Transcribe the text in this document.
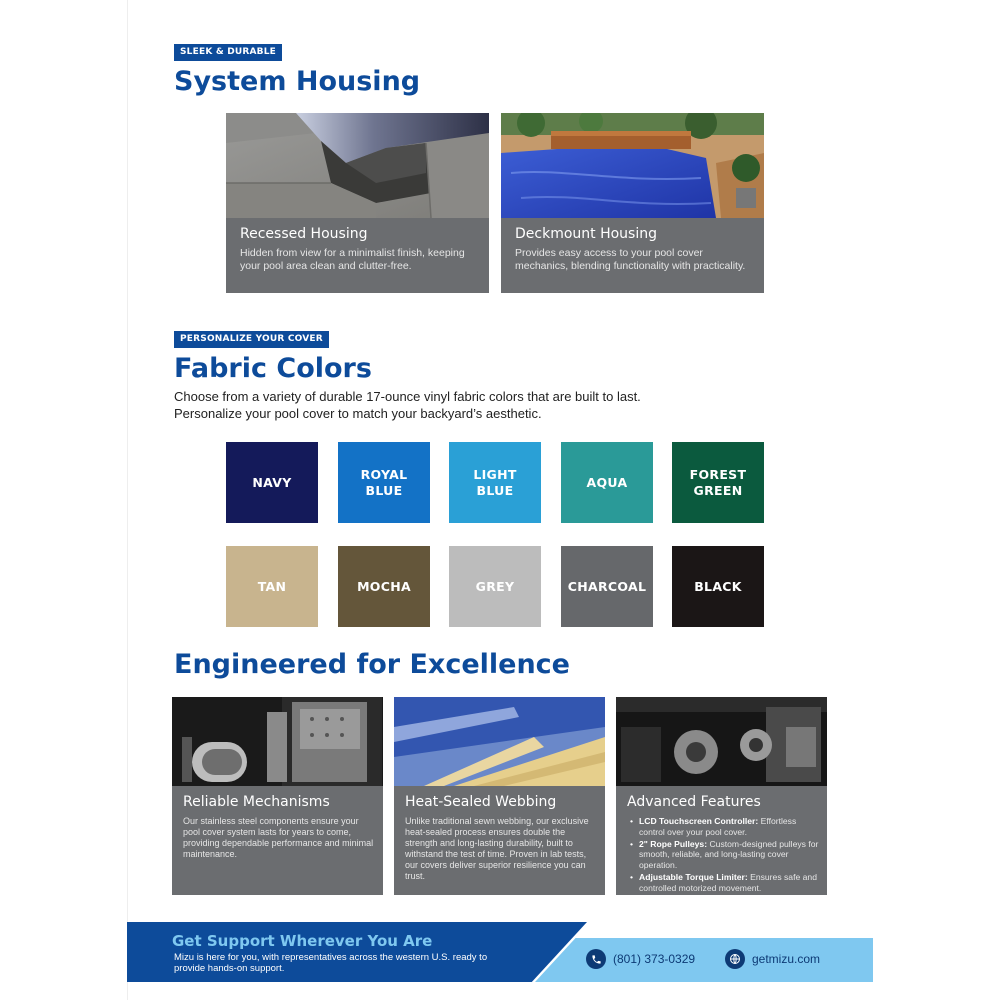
SLEEK & DURABLE
System Housing
Recessed Housing
Hidden from view for a minimalist finish, keeping your pool area clean and clutter-free.
Deckmount Housing
Provides easy access to your pool cover mechanics, blending functionality with practicality.
PERSONALIZE YOUR COVER
Fabric Colors
Choose from a variety of durable 17-ounce vinyl fabric colors that are built to last.
Personalize your pool cover to match your backyard’s aesthetic.
NAVY
ROYAL BLUE
LIGHT BLUE
AQUA
FOREST GREEN
TAN	MOCHA	GREY	CHARCOAL	BLACK
Engineered for Excellence
Reliable Mechanisms
Our stainless steel components ensure your pool cover system lasts for years to come, providing dependable performance and minimal maintenance.
Heat-Sealed Webbing
Unlike traditional sewn webbing, our exclusive heat-sealed process ensures double the strength and long-lasting durability, built to withstand the test of time. Proven in lab tests, our covers deliver superior resilience you can trust.
Advanced Features
• LCD Touchscreen Controller: Effortless control over your pool cover.
• 2" Rope Pulleys: Custom-designed pulleys for smooth, reliable, and long-lasting cover operation.
• Adjustable Torque Limiter: Ensures safe and controlled motorized movement.
Get Support Wherever You Are
Mizu is here for you, with representatives across the western U.S. ready to provide hands-on support.
(801) 373-0329	getmizu.com
